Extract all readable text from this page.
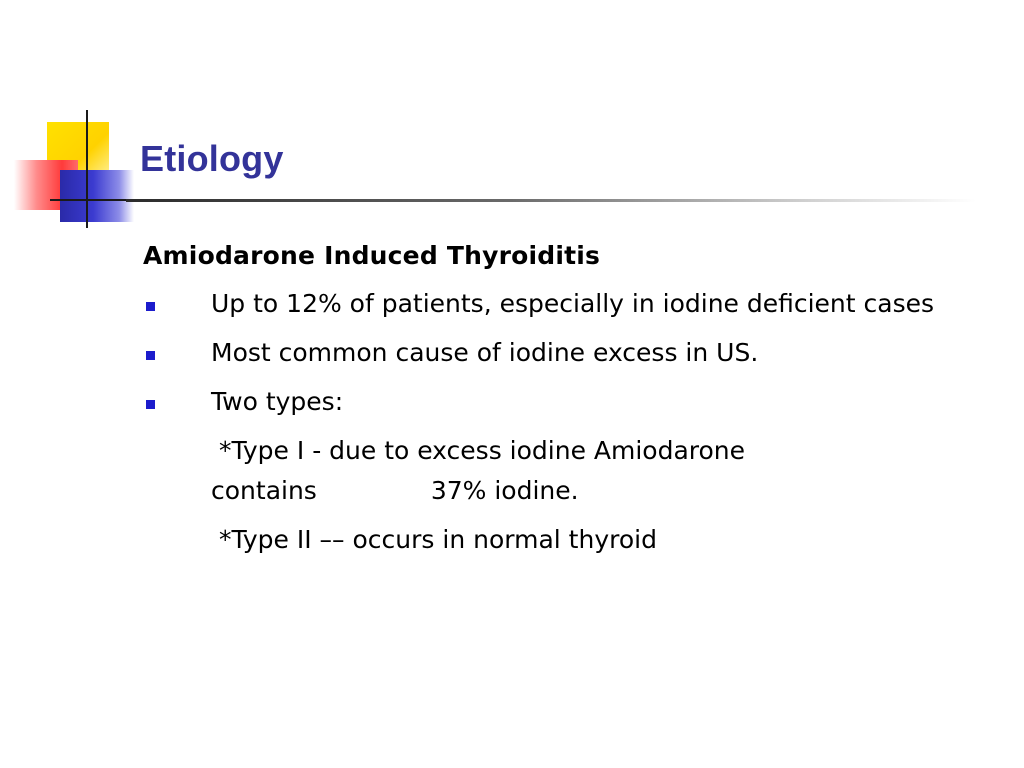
Etiology
Amiodarone Induced Thyroiditis
Up to 12% of patients, especially in iodine deficient cases
Most common cause of iodine excess in US.
Two types:
*Type I - due to excess iodine Amiodarone
contains	37% iodine.
*Type II –– occurs in normal thyroid
